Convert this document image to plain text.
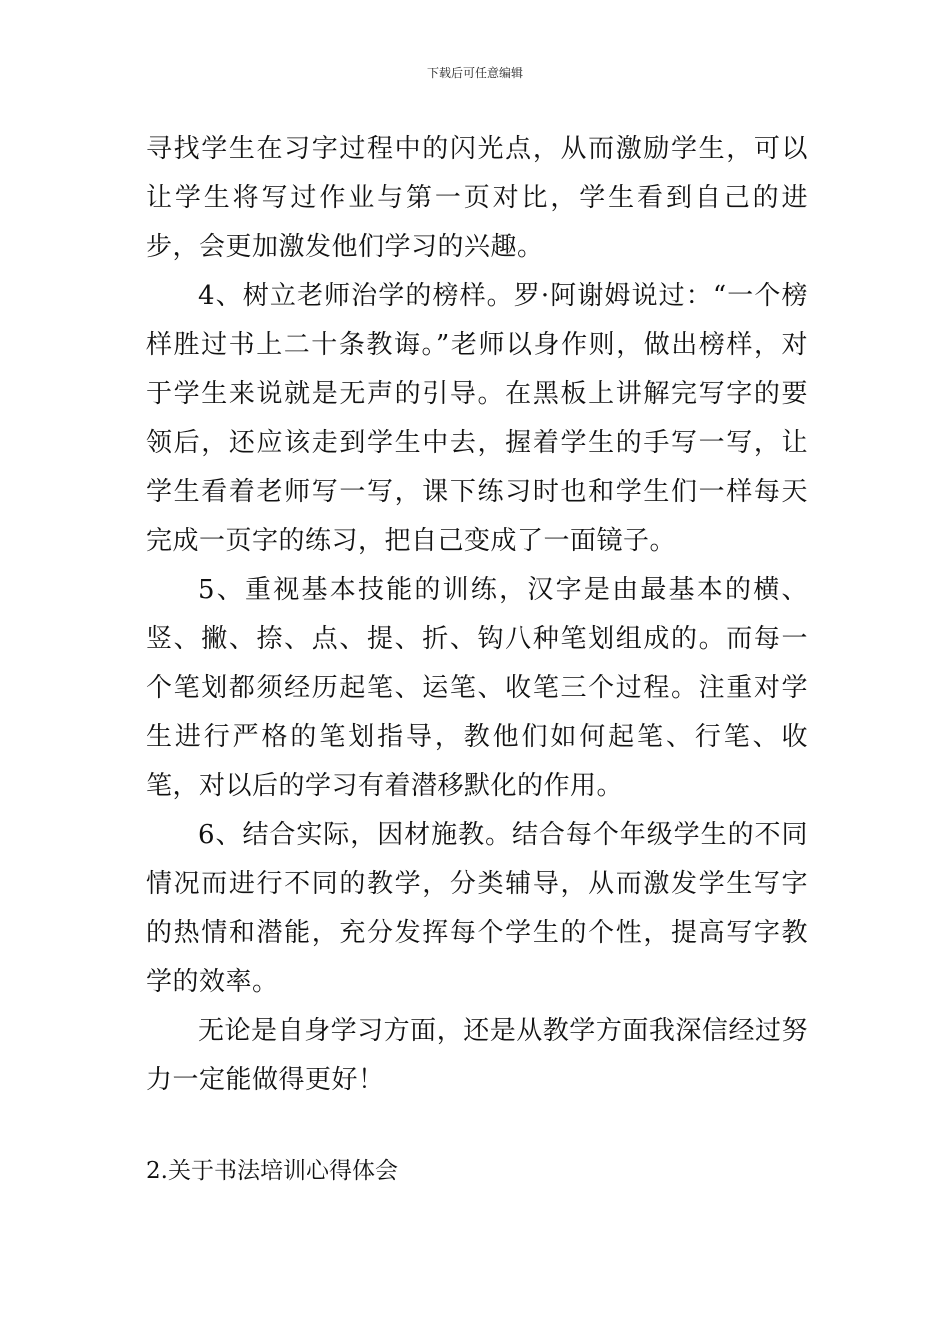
下载后可任意编辑

寻找学生在习字过程中的闪光点，从而激励学生，可以让学生将写过作业与第一页对比，学生看到自己的进步，会更加激发他们学习的兴趣。

4、树立老师治学的榜样。罗·阿谢姆说过：“一个榜样胜过书上二十条教诲。”老师以身作则，做出榜样，对于学生来说就是无声的引导。在黑板上讲解完写字的要领后，还应该走到学生中去，握着学生的手写一写，让学生看着老师写一写，课下练习时也和学生们一样每天完成一页字的练习，把自己变成了一面镜子。

5、重视基本技能的训练，汉字是由最基本的横、竖、撇、捺、点、提、折、钩八种笔划组成的。而每一个笔划都须经历起笔、运笔、收笔三个过程。注重对学生进行严格的笔划指导，教他们如何起笔、行笔、收笔，对以后的学习有着潜移默化的作用。

6、结合实际，因材施教。结合每个年级学生的不同情况而进行不同的教学，分类辅导，从而激发学生写字的热情和潜能，充分发挥每个学生的个性，提高写字教学的效率。

无论是自身学习方面，还是从教学方面我深信经过努力一定能做得更好！

2.关于书法培训心得体会
